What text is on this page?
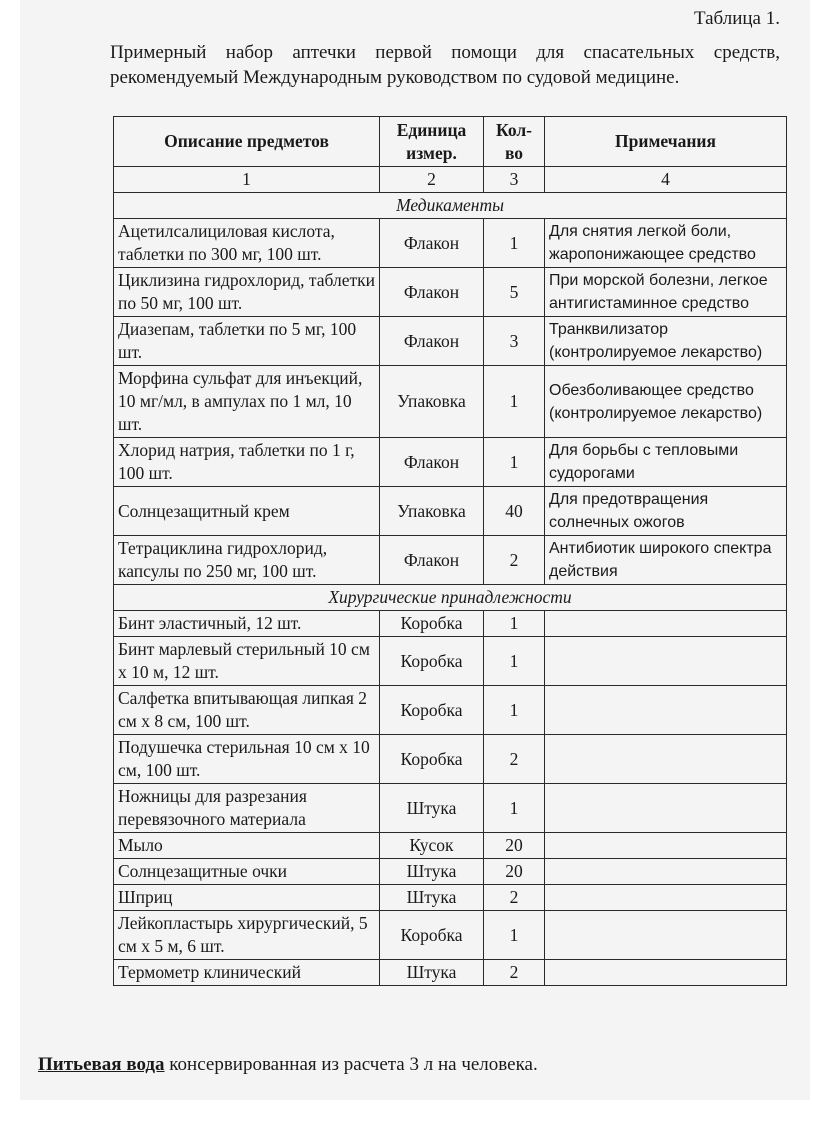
Таблица 1.
Примерный набор аптечки первой помощи для спасательных средств, рекомендуемый Международным руководством по судовой медицине.
Описание предметов	Единица измер.	Кол-во	Примечания
1	2	3	4
Медикаменты			
Ацетилсалициловая кислота, таблетки по 300 мг, 100 шт.	Флакон	1	Для снятия легкой боли, жаропонижающее средство
Циклизина гидрохлорид, таблетки по 50 мг, 100 шт.	Флакон	5	При морской болезни, легкое антигистаминное средство
Диазепам, таблетки по 5 мг, 100 шт.	Флакон	3	Транквилизатор (контролируемое лекарство)
Морфина сульфат для инъекций, 10 мг/мл, в ампулах по 1 мл, 10 шт.	Упаковка	1	Обезболивающее средство (контролируемое лекарство)
Хлорид натрия, таблетки по 1 г, 100 шт.	Флакон	1	Для борьбы с тепловыми судорогами
Солнцезащитный крем	Упаковка	40	Для предотвращения солнечных ожогов
Тетрациклина гидрохлорид, капсулы по 250 мг, 100 шт.	Флакон	2	Антибиотик широкого спектра действия
Хирургические принадлежности			
Бинт эластичный, 12 шт.	Коробка	1	
Бинт марлевый стерильный 10 см х 10 м, 12 шт.	Коробка	1	
Салфетка впитывающая липкая 2 см х 8 см, 100 шт.	Коробка	1	
Подушечка стерильная 10 см х 10 см, 100 шт.	Коробка	2	
Ножницы для разрезания перевязочного материала	Штука	1	
Мыло	Кусок	20	
Солнцезащитные очки	Штука	20	
Шприц	Штука	2	
Лейкопластырь хирургический, 5 см х 5 м, 6 шт.	Коробка	1	
Термометр клинический	Штука	2	
Питьевая вода консервированная из расчета 3 л на человека.
